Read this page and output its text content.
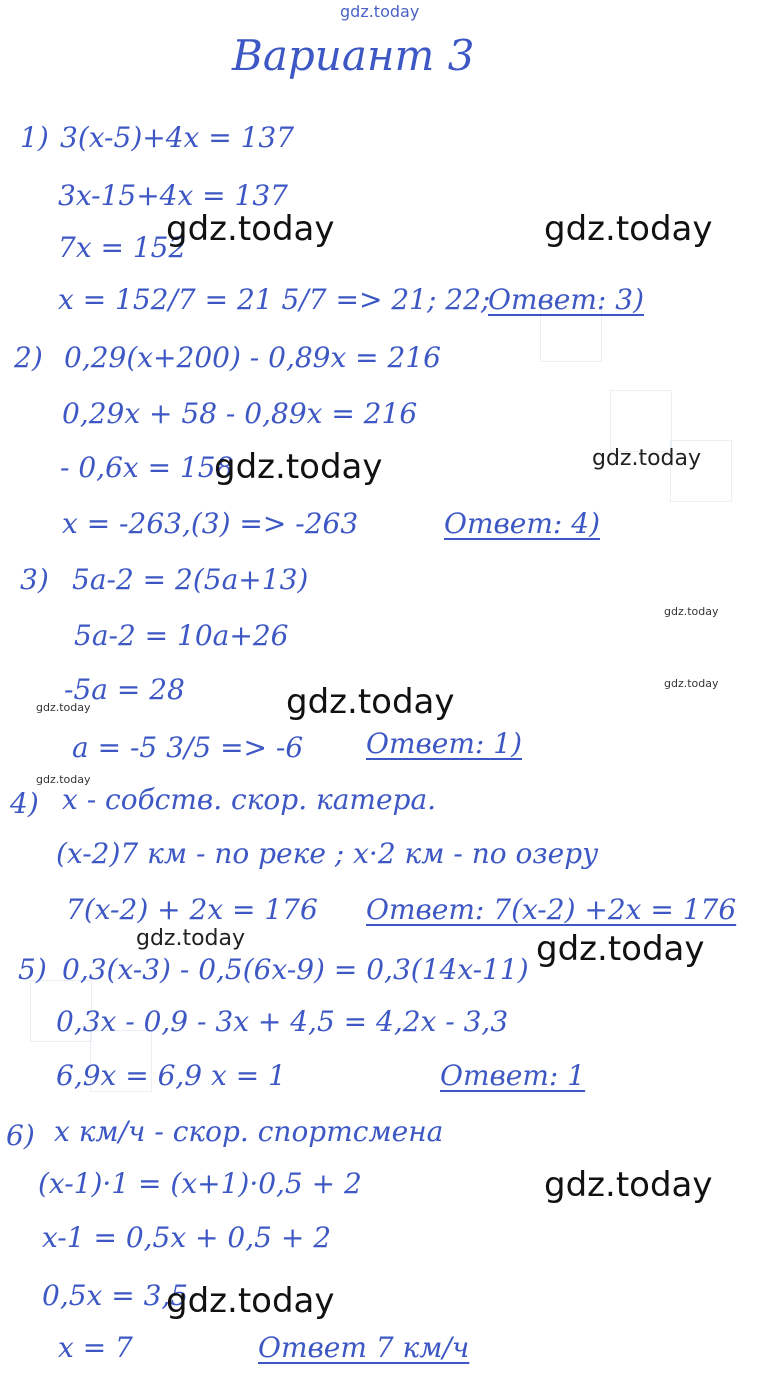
gdz.today
Вариант 3
1) 3(x-5)+4x = 137
3x-15+4x = 137
7x = 152
x = 152/7 = 21 5/7 => 21; 22;
Ответ: 3)
gdz.today	gdz.today
2) 0,29(x+200) - 0,89x = 216
0,29x + 58 - 0,89x = 216
- 0,6x = 158
x = -263,(3) => -263	Ответ: 4)
gdz.today	gdz.today
3) 5a-2 = 2(5a+13)
5a-2 = 10a+26
-5a = 28
a = -5 3/5 => -6 Ответ: 1)
gdz.today
gdz.today
gdz.today	gdz.today
gdz.today
4) x - собств. скор. катера.
(x-2)7 км - по реке ; x·2 км - по озеру
7(x-2) + 2x = 176 Ответ: 7(x-2) +2x = 176
gdz.today	gdz.today
5) 0,3(x-3) - 0,5(6x-9) = 0,3(14x-11)
0,3x - 0,9 - 3x + 4,5 = 4,2x - 3,3
6,9x = 6,9 x = 1	Ответ: 1
6) x км/ч - скор. спортсмена
(x-1)·1 = (x+1)·0,5 + 2
x-1 = 0,5x + 0,5 + 2
0,5x = 3,5
x = 7	Ответ 7 км/ч
gdz.today
gdz.today
